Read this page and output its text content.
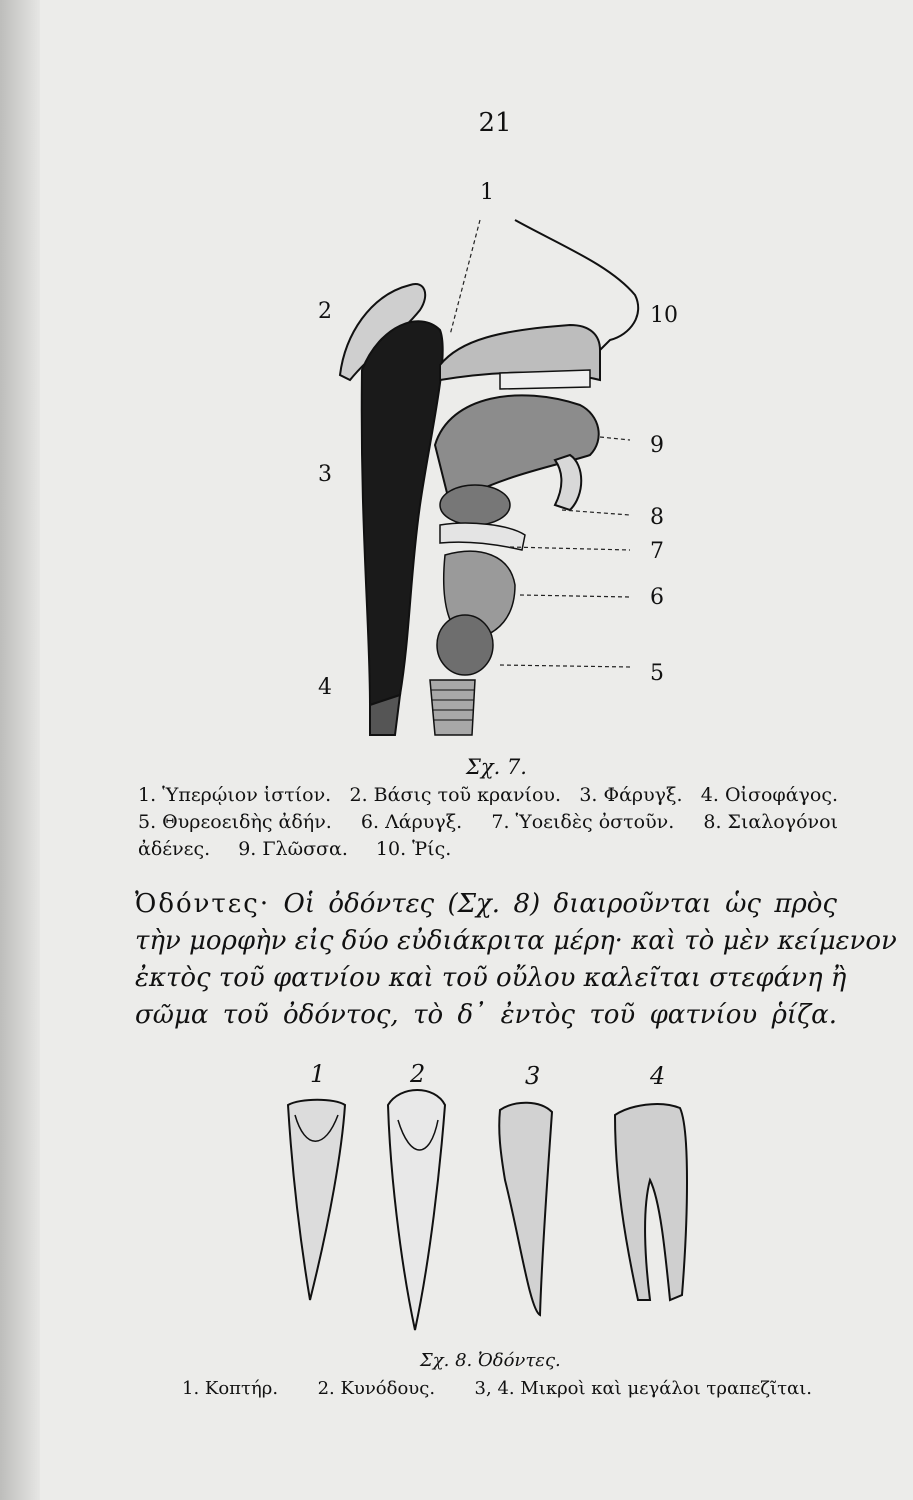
21
1
2
3
4
5
6
7
8
9
10
Σχ. 7.
1. Ὑπερῴιον ἱστίον. 2. Βάσις τοῦ κρανίου. 3. Φάρυγξ. 4. Οἰσοφάγος.
5. Θυρεοειδὴς ἀδήν. 6. Λάρυγξ. 7. Ὑοειδὲς ὀστοῦν. 8. Σιαλογόνοι
ἀδένες. 9. Γλῶσσα. 10. Ῥίς.
Ὀδόντες· Οἱ ὀδόντες (Σχ. 8) διαιροῦνται ὡς πρὸς
τὴν μορφὴν εἰς δύο εὐδιάκριτα μέρη· καὶ τὸ μὲν κείμενον
ἐκτὸς τοῦ φατνίου καὶ τοῦ οὔλου καλεῖται στεφάνη ἢ
σῶμα τοῦ ὀδόντος, τὸ δ᾽ ἐντὸς τοῦ φατνίου ῥίζα.
1	2	3	4
Σχ. 8. Ὀδόντες.
1. Κοπτήρ. 2. Κυνόδους. 3, 4. Μικροὶ καὶ μεγάλοι τραπεζῖται.
